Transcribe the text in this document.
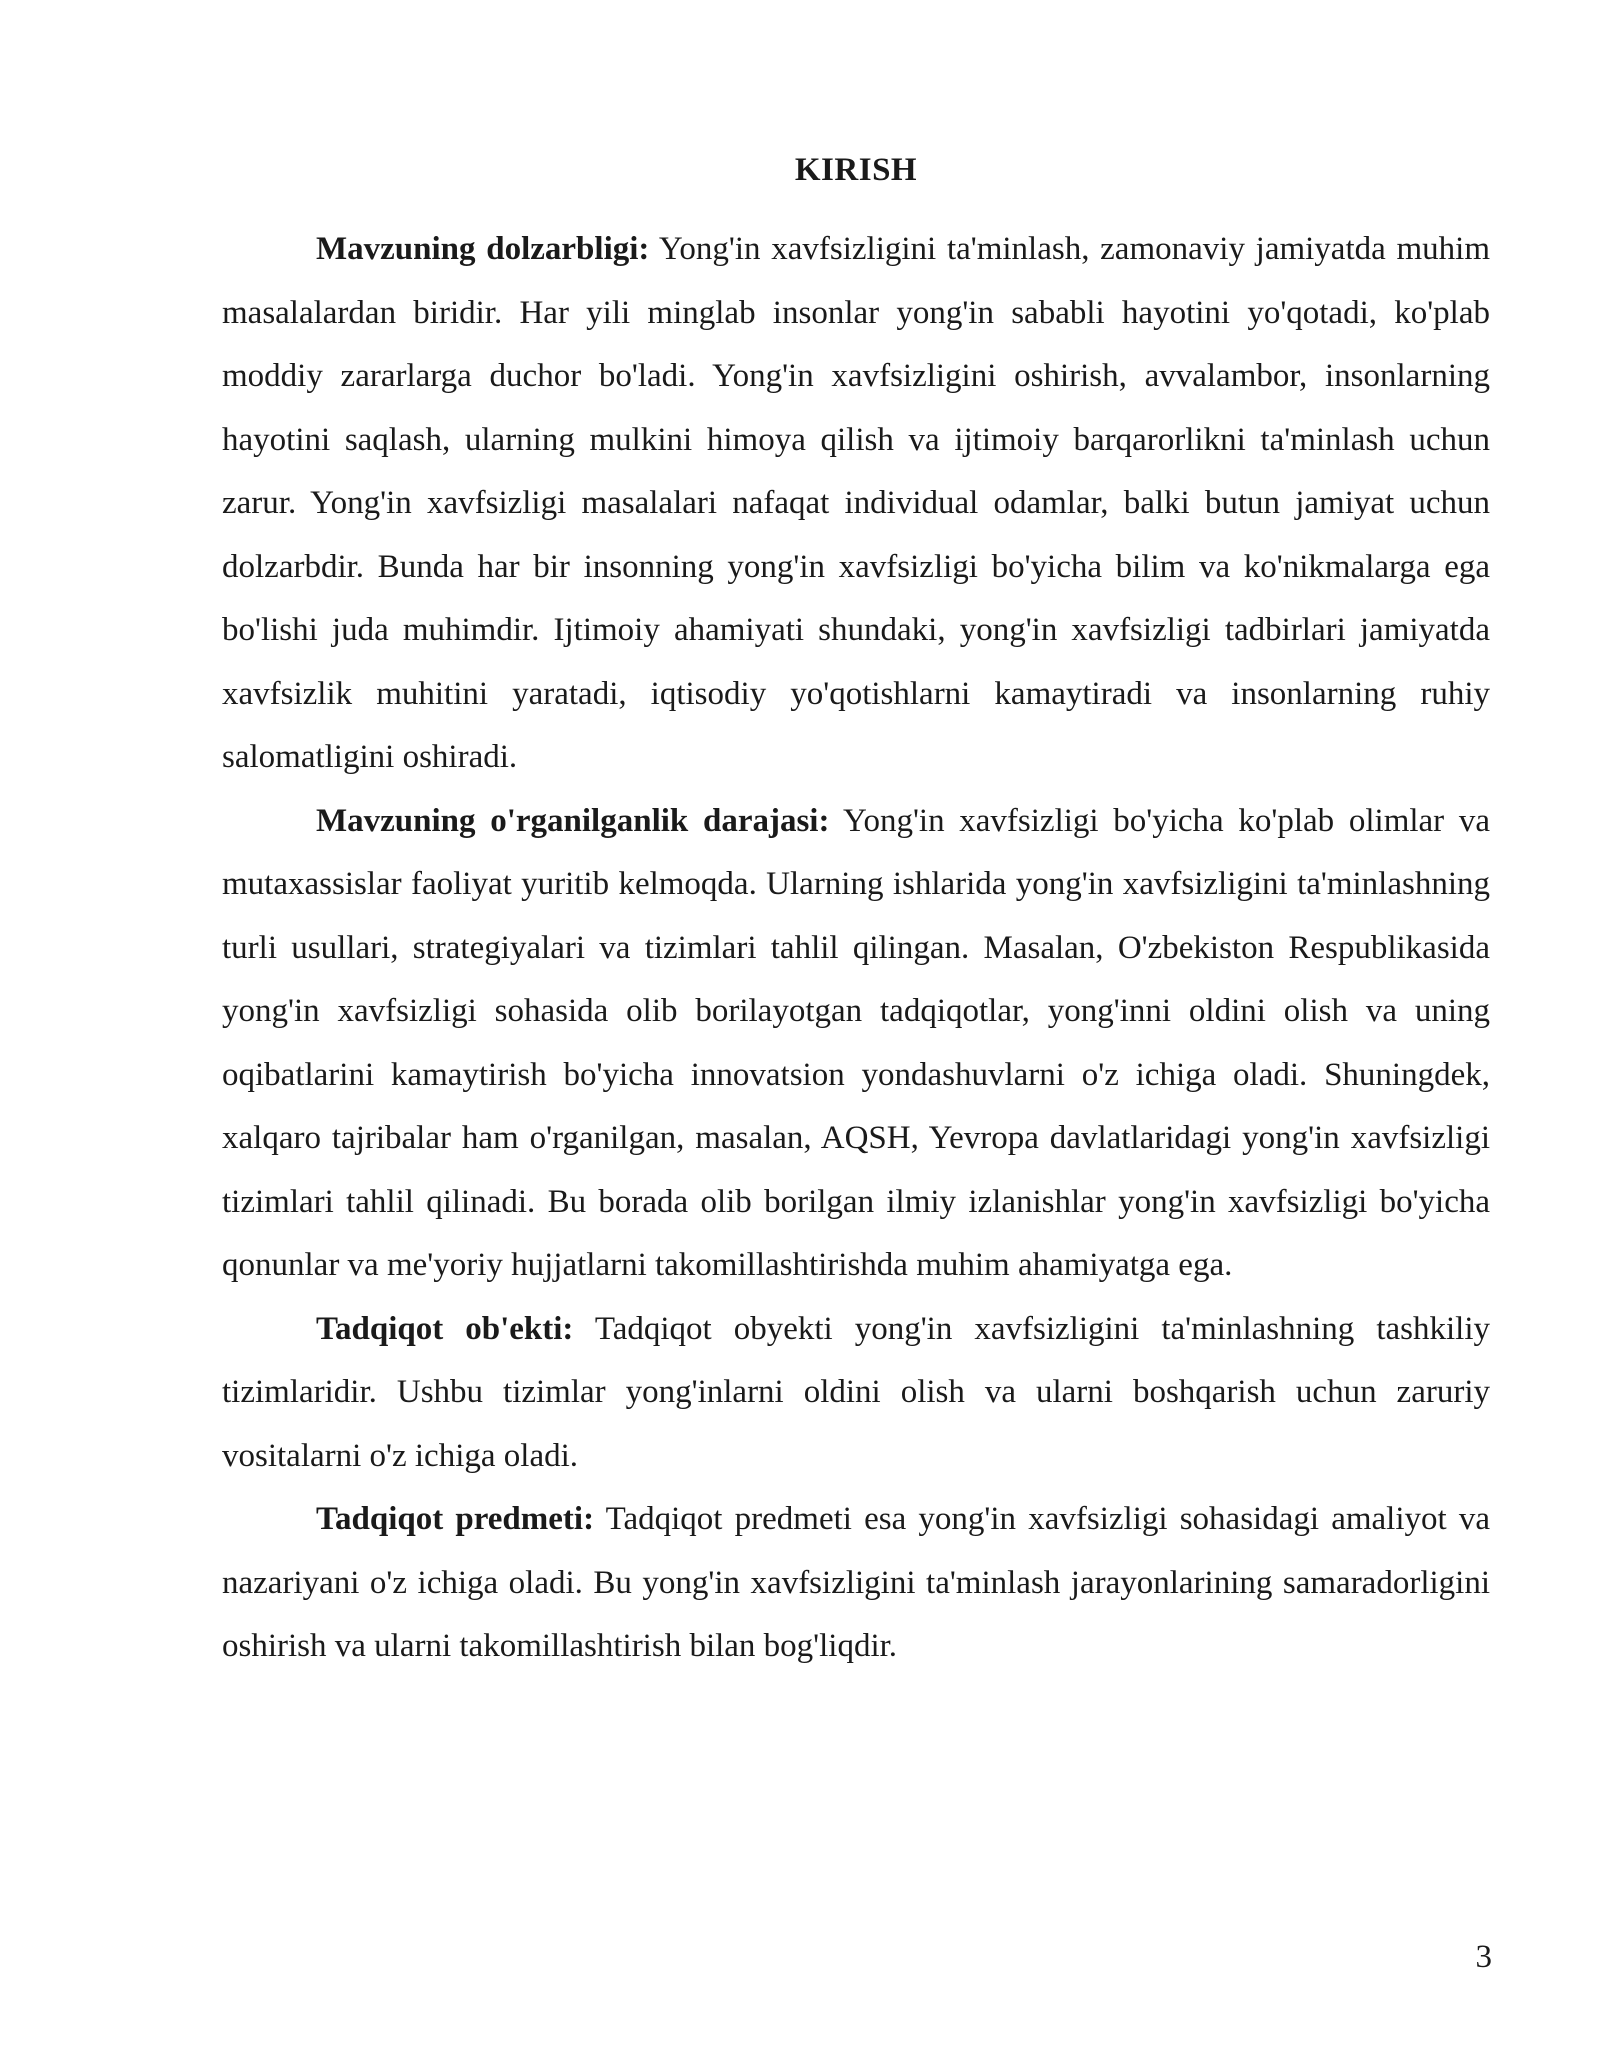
KIRISH

Mavzuning dolzarbligi: Yong'in xavfsizligini ta'minlash, zamonaviy jamiyatda muhim masalalardan biridir. Har yili minglab insonlar yong'in sababli hayotini yo'qotadi, ko'plab moddiy zararlarga duchor bo'ladi. Yong'in xavfsizligini oshirish, avvalambor, insonlarning hayotini saqlash, ularning mulkini himoya qilish va ijtimoiy barqarorlikni ta'minlash uchun zarur. Yong'in xavfsizligi masalalari nafaqat individual odamlar, balki butun jamiyat uchun dolzarbdir. Bunda har bir insonning yong'in xavfsizligi bo'yicha bilim va ko'nikmalarga ega bo'lishi juda muhimdir. Ijtimoiy ahamiyati shundaki, yong'in xavfsizligi tadbirlari jamiyatda xavfsizlik muhitini yaratadi, iqtisodiy yo'qotishlarni kamaytiradi va insonlarning ruhiy salomatligini oshiradi.

Mavzuning o'rganilganlik darajasi: Yong'in xavfsizligi bo'yicha ko'plab olimlar va mutaxassislar faoliyat yuritib kelmoqda. Ularning ishlarida yong'in xavfsizligini ta'minlashning turli usullari, strategiyalari va tizimlari tahlil qilingan. Masalan, O'zbekiston Respublikasida yong'in xavfsizligi sohasida olib borilayotgan tadqiqotlar, yong'inni oldini olish va uning oqibatlarini kamaytirish bo'yicha innovatsion yondashuvlarni o'z ichiga oladi. Shuningdek, xalqaro tajribalar ham o'rganilgan, masalan, AQSH, Yevropa davlatlaridagi yong'in xavfsizligi tizimlari tahlil qilinadi. Bu borada olib borilgan ilmiy izlanishlar yong'in xavfsizligi bo'yicha qonunlar va me'yoriy hujjatlarni takomillashtirishda muhim ahamiyatga ega.

Tadqiqot ob'ekti: Tadqiqot obyekti yong'in xavfsizligini ta'minlashning tashkiliy tizimlaridir. Ushbu tizimlar yong'inlarni oldini olish va ularni boshqarish uchun zaruriy vositalarni o'z ichiga oladi.

Tadqiqot predmeti: Tadqiqot predmeti esa yong'in xavfsizligi sohasidagi amaliyot va nazariyani o'z ichiga oladi. Bu yong'in xavfsizligini ta'minlash jarayonlarining samaradorligini oshirish va ularni takomillashtirish bilan bog'liqdir.

3
